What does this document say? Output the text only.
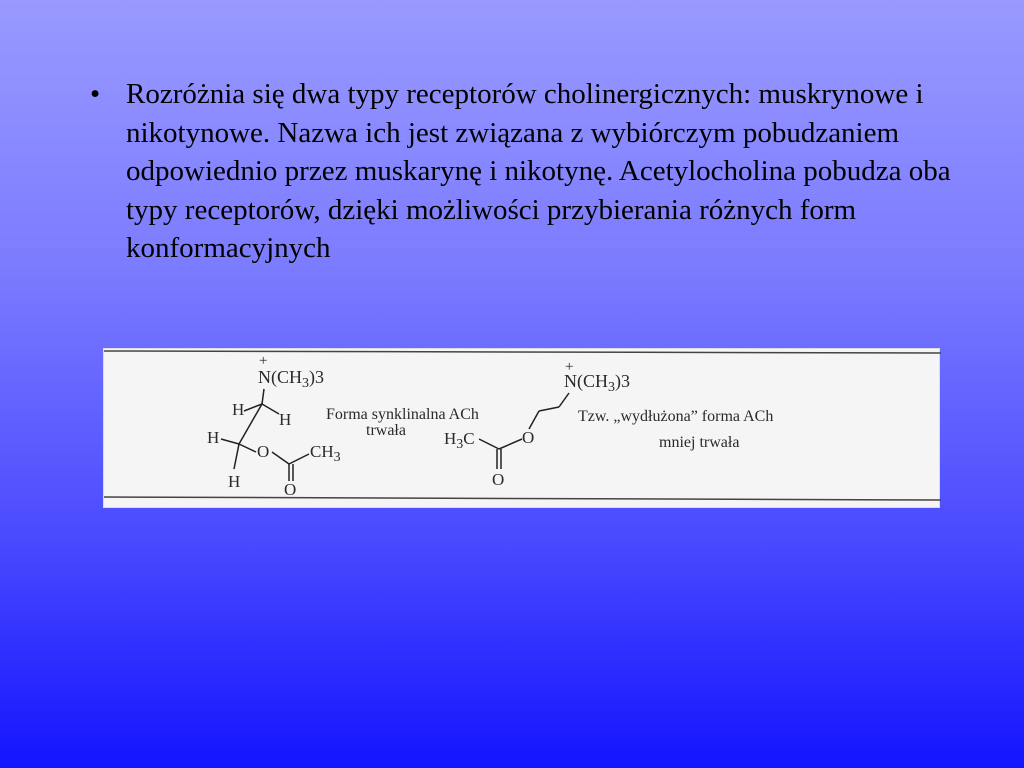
• Rozróżnia się dwa typy receptorów cholinergicznych: muskrynowe i nikotynowe. Nazwa ich jest związana z wybiórczym pobudzaniem odpowiednio przez muskarynę i nikotynę. Acetylocholina pobudza oba typy receptorów, dzięki możliwości przybierania różnych form konformacyjnych
+
$N(CH_3)3$
H
H
H
H
O
O
$CH_3$
Forma synklinalna ACh
trwała
+
$N(CH_3)3$
O
O
$H_3C$
Tzw. „wydłużona” forma ACh
mniej trwała
